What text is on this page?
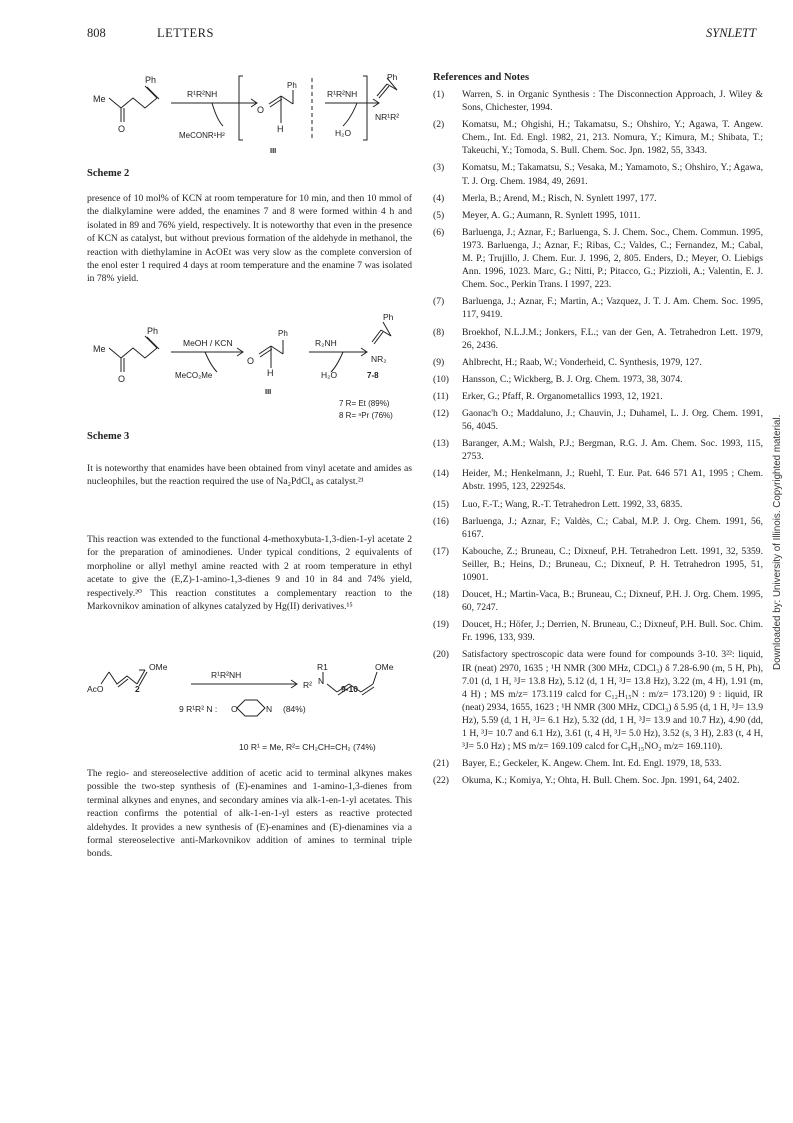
808	LETTERS	SYNLETT
Downloaded by: University of Illinois. Copyrighted material.
Ph
Me
O
R¹R²NH
MeCONR¹H²
Ph
O
H
III
R¹R²NH
H₂O
Ph
NR¹R²

Scheme 2

presence of 10 mol% of KCN at room temperature for 10 min, and then 10 mmol of the dialkylamine were added, the enamines 7 and 8 were formed within 4 h and isolated in 89 and 76% yield, respectively. It is noteworthy that even in the presence of KCN as catalyst, but without previous formation of the aldehyde in methanol, the reaction with diethylamine in AcOEt was very slow as the complete conversion of the enol ester 1 required 4 days at room temperature and the enamine 7 was isolated in 78% yield.

Ph
Me
O
MeOH / KCN
MeCO₂Me
Ph
O
H
III
R₂NH
H₂O
Ph
NR₂
7-8
7 R= Et (89%)
8 R= ⁿPr (76%)

Scheme 3

It is noteworthy that enamides have been obtained from vinyl acetate and amides as nucleophiles, but the reaction required the use of Na₂PdCl₄ as catalyst.²¹

This reaction was extended to the functional 4-methoxybuta-1,3-dien-1-yl acetate 2 for the preparation of aminodienes. Under typical conditions, 2 equivalents of morpholine or allyl methyl amine reacted with 2 at room temperature in ethyl acetate to give the (E,Z)-1-amino-1,3-dienes 9 and 10 in 84 and 74% yield, respectively.²⁰ This reaction constitutes a complementary reaction to the Markovnikov amination of alkynes catalyzed by Hg(II) derivatives.¹⁵

OMe
AcO	2
R¹R²NH
R1
R² N
OMe
9-10
9 R¹R² N : O	N (84%)
10 R¹ = Me, R²= CH₂CH=CH₂ (74%)

The regio- and stereoselective addition of acetic acid to terminal alkynes makes possible the two-step synthesis of (E)-enamines and 1-amino-1,3-dienes from terminal alkynes and enynes, and secondary amines via alk-1-en-1-yl acetates. This reaction confirms the potential of alk-1-en-1-yl esters as reactive protected aldehydes. It provides a new synthesis of (E)-enamines and (E)-dienamines via a formal stereoselective anti-Markovnikov addition of amines to terminal triple bonds.

References and Notes

(1) Warren, S. in Organic Synthesis : The Disconnection Approach, J. Wiley & Sons, Chichester, 1994.

(2) Komatsu, M.; Ohgishi, H.; Takamatsu, S.; Ohshiro, Y.; Agawa, T. Angew. Chem., Int. Ed. Engl. 1982, 21, 213. Nomura, Y.; Kimura, M.; Shibata, T.; Takeuchi, Y.; Tomoda, S. Bull. Chem. Soc. Jpn. 1982, 55, 3343.

(3) Komatsu, M.; Takamatsu, S.; Vesaka, M.; Yamamoto, S.; Ohshiro, Y.; Agawa, T. J. Org. Chem. 1984, 49, 2691.

(4) Merla, B.; Arend, M.; Risch, N. Synlett 1997, 177.

(5) Meyer, A. G.; Aumann, R. Synlett 1995, 1011.

(6) Barluenga, J.; Aznar, F.; Barluenga, S. J. Chem. Soc., Chem. Commun. 1995, 1973. Barluenga, J.; Aznar, F.; Ribas, C.; Valdes, C.; Fernandez, M.; Cabal, M. P.; Trujillo, J. Chem. Eur. J. 1996, 2, 805. Enders, D.; Meyer, O. Liebigs Ann. 1996, 1023. Marc, G.; Nitti, P.; Pitacco, G.; Pizzioli, A.; Valentin, E. J. Chem. Soc., Perkin Trans. I 1997, 223.

(7) Barluenga, J.; Aznar, F.; Martin, A.; Vazquez, J. T. J. Am. Chem. Soc. 1995, 117, 9419.

(8) Broekhof, N.L.J.M.; Jonkers, F.L.; van der Gen, A. Tetrahedron Lett. 1979, 26, 2436.

(9) Ahlbrecht, H.; Raab, W.; Vonderheid, C. Synthesis, 1979, 127.

(10) Hansson, C.; Wickberg, B. J. Org. Chem. 1973, 38, 3074.

(11) Erker, G.; Pfaff, R. Organometallics 1993, 12, 1921.

(12) Gaonac'h O.; Maddaluno, J.; Chauvin, J.; Duhamel, L. J. Org. Chem. 1991, 56, 4045.

(13) Baranger, A.M.; Walsh, P.J.; Bergman, R.G. J. Am. Chem. Soc. 1993, 115, 2753.

(14) Heider, M.; Henkelmann, J.; Ruehl, T. Eur. Pat. 646 571 A1, 1995 ; Chem. Abstr. 1995, 123, 229254s.

(15) Luo, F.-T.; Wang, R.-T. Tetrahedron Lett. 1992, 33, 6835.

(16) Barluenga, J.; Aznar, F.; Valdès, C.; Cabal, M.P. J. Org. Chem. 1991, 56, 6167.

(17) Kabouche, Z.; Bruneau, C.; Dixneuf, P.H. Tetrahedron Lett. 1991, 32, 5359. Seiller, B.; Heins, D.; Bruneau, C.; Dixneuf, P. H. Tetrahedron 1995, 51, 10901.

(18) Doucet, H.; Martin-Vaca, B.; Bruneau, C.; Dixneuf, P.H. J. Org. Chem. 1995, 60, 7247.

(19) Doucet, H.; Höfer, J.; Derrien, N. Bruneau, C.; Dixneuf, P.H. Bull. Soc. Chim. Fr. 1996, 133, 939.

(20) Satisfactory spectroscopic data were found for compounds 3-10. 3²²: liquid, IR (neat) 2970, 1635 ; ¹H NMR (300 MHz, CDCl₃) δ 7.28-6.90 (m, 5 H, Ph), 7.01 (d, 1 H, ³J= 13.8 Hz), 5.12 (d, 1 H, ³J= 13.8 Hz), 3.22 (m, 4 H), 1.91 (m, 4 H) ; MS m/z= 173.119 calcd for C₁₂H₁₅N : m/z= 173.120) 9 : liquid, IR (neat) 2934, 1655, 1623 ; ¹H NMR (300 MHz, CDCl₃) δ 5.95 (d, 1 H, ³J= 13.9 Hz), 5.59 (d, 1 H, ³J= 6.1 Hz), 5.32 (dd, 1 H, ³J= 13.9 and 10.7 Hz), 4.90 (dd, 1 H, ³J= 10.7 and 6.1 Hz), 3.61 (t, 4 H, ³J= 5.0 Hz), 3.52 (s, 3 H), 2.83 (t, 4 H, ³J= 5.0 Hz) ; MS m/z= 169.109 calcd for C₉H₁₅NO₂ m/z= 169.110).

(21) Bayer, E.; Geckeler, K. Angew. Chem. Int. Ed. Engl. 1979, 18, 533.

(22) Okuma, K.; Komiya, Y.; Ohta, H. Bull. Chem. Soc. Jpn. 1991, 64, 2402.
